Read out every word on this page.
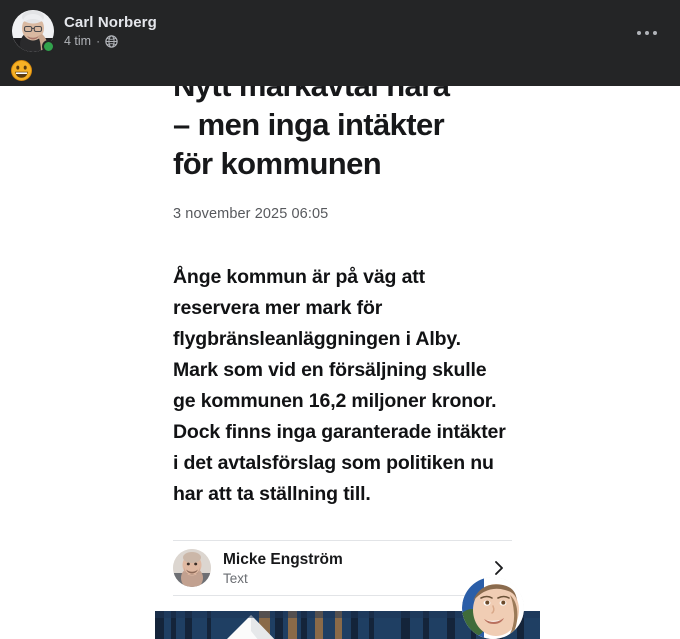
– men inga intäkter
för kommunen
3 november 2025 06:05

Ånge kommun är på väg att reservera mer mark för flygbränsleanläggningen i Alby. Mark som vid en försäljning skulle ge kommunen 16,2 miljoner kronor.

Dock finns inga garanterade intäkter i det avtalsförslag som politiken nu har att ta ställning till.

Micke Engström
Text
Carl Norberg
4 tim ·
